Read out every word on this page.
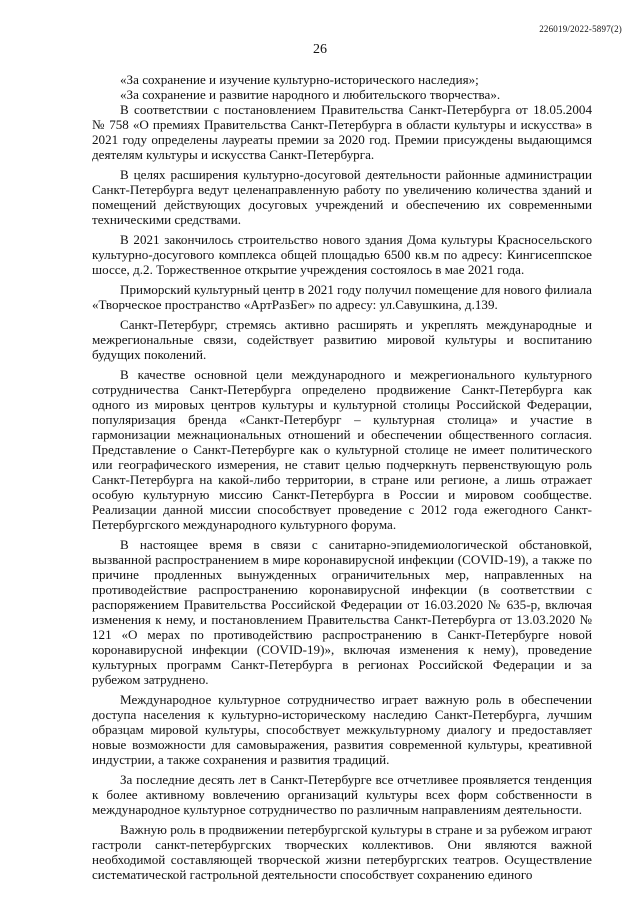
226019/2022-5897(2)
26

«За сохранение и изучение культурно-исторического наследия»;

«За сохранение и развитие народного и любительского творчества».

В соответствии с постановлением Правительства Санкт-Петербурга от 18.05.2004 № 758 «О премиях Правительства Санкт-Петербурга в области культуры и искусства» в 2021 году определены лауреаты премии за 2020 год. Премии присуждены выдающимся деятелям культуры и искусства Санкт-Петербурга.

В целях расширения культурно-досуговой деятельности районные администрации Санкт-Петербурга ведут целенаправленную работу по увеличению количества зданий и помещений действующих досуговых учреждений и обеспечению их современными техническими средствами.

В 2021 закончилось строительство нового здания Дома культуры Красносельского культурно-досугового комплекса общей площадью 6500 кв.м по адресу: Кингисеппское шоссе, д.2. Торжественное открытие учреждения состоялось в мае 2021 года.

Приморский культурный центр в 2021 году получил помещение для нового филиала «Творческое пространство «АртРазБег» по адресу: ул.Савушкина, д.139.

Санкт-Петербург, стремясь активно расширять и укреплять международные и межрегиональные связи, содействует развитию мировой культуры и воспитанию будущих поколений.

В качестве основной цели международного и межрегионального культурного сотрудничества Санкт-Петербурга определено продвижение Санкт-Петербурга как одного из мировых центров культуры и культурной столицы Российской Федерации, популяризация бренда «Санкт-Петербург – культурная столица» и участие в гармонизации межнациональных отношений и обеспечении общественного согласия. Представление о Санкт-Петербурге как о культурной столице не имеет политического или географического измерения, не ставит целью подчеркнуть первенствующую роль Санкт-Петербурга на какой-либо территории, в стране или регионе, а лишь отражает особую культурную миссию Санкт-Петербурга в России и мировом сообществе. Реализации данной миссии способствует проведение с 2012 года ежегодного Санкт-Петербургского международного культурного форума.

В настоящее время в связи с санитарно-эпидемиологической обстановкой, вызванной распространением в мире коронавирусной инфекции (COVID-19), а также по причине продленных вынужденных ограничительных мер, направленных на противодействие распространению коронавирусной инфекции (в соответствии с распоряжением Правительства Российской Федерации от 16.03.2020 № 635-р, включая изменения к нему, и постановлением Правительства Санкт-Петербурга от 13.03.2020 № 121 «О мерах по противодействию распространению в Санкт-Петербурге новой коронавирусной инфекции (COVID-19)», включая изменения к нему), проведение культурных программ Санкт-Петербурга в регионах Российской Федерации и за рубежом затруднено.

Международное культурное сотрудничество играет важную роль в обеспечении доступа населения к культурно-историческому наследию Санкт-Петербурга, лучшим образцам мировой культуры, способствует межкультурному диалогу и предоставляет новые возможности для самовыражения, развития современной культуры, креативной индустрии, а также сохранения и развития традиций.

За последние десять лет в Санкт-Петербурге все отчетливее проявляется тенденция к более активному вовлечению организаций культуры всех форм собственности в международное культурное сотрудничество по различным направлениям деятельности.

Важную роль в продвижении петербургской культуры в стране и за рубежом играют гастроли санкт-петербургских творческих коллективов. Они являются важной необходимой составляющей творческой жизни петербургских театров. Осуществление систематической гастрольной деятельности способствует сохранению единого
